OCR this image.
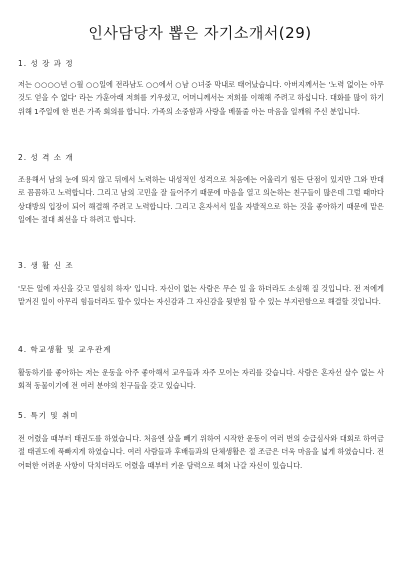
인사담당자 뽑은 자기소개서(29)
1. 성 장 과 정

저는 ○○○○년 ○월 ○○일에 전라남도 ○○에서 ○남 ○녀중 막내로 태어났습니다. 아버지께서는 '노력 없이는 아무 것도 얻을 수 없다' 라는 가훈아래 저희를 키우셨고, 어머니께서는 저희를 이해해 주려고 하십니다. 대화를 많이 하기 위해 1주일에 한 번은 가족 회의를 합니다. 가족의 소중함과 사랑을 베풀줄 아는 마음을 일깨워 주신 분입니다.

2. 성 격 소 개

조용해서 남의 눈에 띄지 않고 뒤에서 노력하는 내성적인 성격으로 처음에는 어울리기 힘든 단점이 있지만 그와 반대로 꼼꼼하고 노력합니다. 그리고 남의 고민을 잘 들어주기 때문에 마음을 열고 의논하는 친구들이 많은데 그럴 때마다 상대방의 입장이 되어 해결해 주려고 노력합니다. 그리고 혼자서서 일을 자발적으로 하는 것을 좋아하기 때문에 맡은 일에는 절대 최선을 다 하려고 합니다.

3. 생 활 신 조

'모든 일에 자신을 갖고 열심히 하자' 입니다. 자신이 없는 사람은 무슨 일 을 하더라도 소심해 질 것입니다. 전 저에게 맡겨진 일이 아무리 힘들더라도 할수 있다는 자신감과 그 자신감을 뒷받침 할 수 있는 부지런함으로 해결할 것입니다.

4. 학교생활 및 교우관계

활동하기를 좋아하는 저는 운동을 아주 좋아해서 교우들과 자주 모이는 자리를 갖습니다. 사람은 혼자선 살수 없는 사회적 동물이기에 전 여러 분야의 친구들을 갖고 있습니다.

5. 특기 및 취미

전 어렸을 때부터 태권도를 하였습니다. 처음엔 살을 빼기 위하여 시작한 운동이 여러 번의 승급심사와 대회로 하여금 절 태권도에 푹빠지게 하였습니다. 여러 사람들과 후배들과의 단체생활은 절 조금은 더욱 마음을 넓게 하였습니다. 전 어떠한 어려운 사항이 닥치더라도 어렸을 때부터 키운 담력으로 헤쳐 나갈 자신이 있습니다.
